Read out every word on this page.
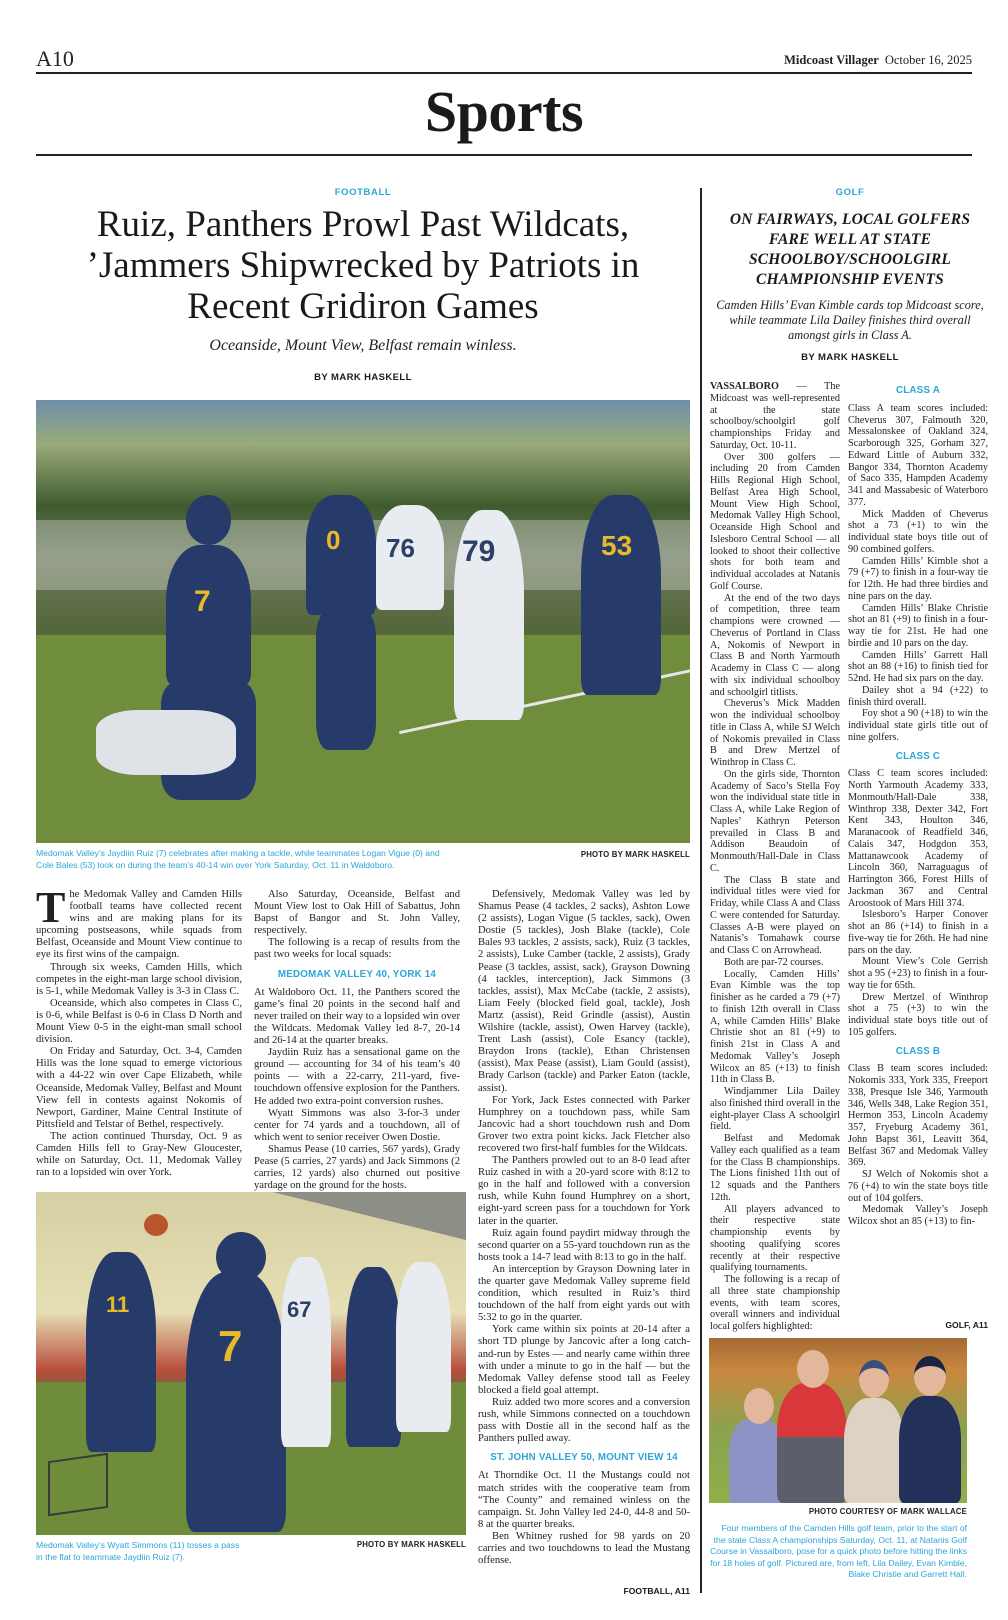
A10	Midcoast Villager October 16, 2025
Sports
FOOTBALL
Ruiz, Panthers Prowl Past Wildcats, ’Jammers Shipwrecked by Patriots in Recent Gridiron Games
Oceanside, Mount View, Belfast remain winless.
BY MARK HASKELL
GOLF
ON FAIRWAYS, LOCAL GOLFERS FARE WELL AT STATE SCHOOLBOY/SCHOOLGIRL CHAMPIONSHIP EVENTS
Camden Hills’ Evan Kimble cards top Midcoast score, while teammate Lila Dailey finishes third overall amongst girls in Class A.
BY MARK HASKELL
7
0 76 79	53
Medomak Valley’s Jaydiin Ruiz (7) celebrates after making a tackle, while teammates Logan Vigue (0) and Cole Bales (53) look on during the team’s 40-14 win over York Saturday, Oct. 11 in Waldoboro.
PHOTO BY MARK HASKELL

The Medomak Valley and Camden Hills football teams have collected recent wins and are making plans for its upcoming postseasons, while squads from Belfast, Oceanside and Mount View continue to eye its first wins of the campaign.

Through six weeks, Camden Hills, which competes in the eight-man large school division, is 5-1, while Medomak Valley is 3-3 in Class C.

Oceanside, which also competes in Class C, is 0-6, while Belfast is 0-6 in Class D North and Mount View 0-5 in the eight-man small school division.

On Friday and Saturday, Oct. 3-4, Camden Hills was the lone squad to emerge victorious with a 44-22 win over Cape Elizabeth, while Oceanside, Medomak Valley, Belfast and Mount View fell in contests against Nokomis of Newport, Gardiner, Maine Central Institute of Pittsfield and Telstar of Bethel, respectively.

The action continued Thursday, Oct. 9 as Camden Hills fell to Gray-New Gloucester, while on Saturday, Oct. 11, Medomak Valley ran to a lopsided win over York.

Also Saturday, Oceanside, Belfast and Mount View lost to Oak Hill of Sabattus, John Bapst of Bangor and St. John Valley, respectively.

The following is a recap of results from the past two weeks for local squads:

MEDOMAK VALLEY 40, YORK 14

At Waldoboro Oct. 11, the Panthers scored the game’s final 20 points in the second half and never trailed on their way to a lopsided win over the Wildcats. Medomak Valley led 8-7, 20-14 and 26-14 at the quarter breaks.

Jaydiin Ruiz has a sensational game on the ground — accounting for 34 of his team’s 40 points — with a 22-carry, 211-yard, five-touchdown offensive explosion for the Panthers. He added two extra-point conversion rushes.

Wyatt Simmons was also 3-for-3 under center for 74 yards and a touchdown, all of which went to senior receiver Owen Dostie.

Shamus Pease (10 carries, 567 yards), Grady Pease (5 carries, 27 yards) and Jack Simmons (2 carries, 12 yards) also churned out positive yardage on the ground for the hosts.

Defensively, Medomak Valley was led by Shamus Pease (4 tackles, 2 sacks), Ashton Lowe (2 assists), Logan Vigue (5 tackles, sack), Owen Dostie (5 tackles), Josh Blake (tackle), Cole Bales 93 tackles, 2 assists, sack), Ruiz (3 tackles, 2 assists), Luke Camber (tackle, 2 assists), Grady Pease (3 tackles, assist, sack), Grayson Downing (4 tackles, interception), Jack Simmons (3 tackles, assist), Max McCabe (tackle, 2 assists), Liam Feely (blocked field goal, tackle), Josh Martz (assist), Reid Grindle (assist), Austin Wilshire (tackle, assist), Owen Harvey (tackle), Trent Lash (assist), Cole Esancy (tackle), Braydon Irons (tackle), Ethan Christensen (assist), Max Pease (assist), Liam Gould (assist), Brady Carlson (tackle) and Parker Eaton (tackle, assist).

For York, Jack Estes connected with Parker Humphrey on a touchdown pass, while Sam Jancovic had a short touchdown rush and Dom Grover two extra point kicks. Jack Fletcher also recovered two first-half fumbles for the Wildcats.

The Panthers prowled out to an 8-0 lead after Ruiz cashed in with a 20-yard score with 8:12 to go in the half and followed with a conversion rush, while Kuhn found Humphrey on a short, eight-yard screen pass for a touchdown for York later in the quarter.

Ruiz again found paydirt midway through the second quarter on a 55-yard touchdown run as the hosts took a 14-7 lead with 8:13 to go in the half.

An interception by Grayson Downing later in the quarter gave Medomak Valley supreme field condition, which resulted in Ruiz’s third touchdown of the half from eight yards out with 5:32 to go in the quarter.

York came within six points at 20-14 after a short TD plunge by Jancovic after a long catch-and-run by Estes — and nearly came within three with under a minute to go in the half — but the Medomak Valley defense stood tall as Feeley blocked a field goal attempt.

Ruiz added two more scores and a conversion rush, while Simmons connected on a touchdown pass with Dostie all in the second half as the Panthers pulled away.

ST. JOHN VALLEY 50, MOUNT VIEW 14

At Thorndike Oct. 11 the Mustangs could not match strides with the cooperative team from “The County” and remained winless on the campaign. St. John Valley led 24-0, 44-8 and 50-8 at the quarter breaks.

Ben Whitney rushed for 98 yards on 20 carries and two touchdowns to lead the Mustang offense.

FOOTBALL, A11
11
7
67
Medomak Valley’s Wyatt Simmons (11) tosses a pass in the flat to teammate Jaydiin Ruiz (7).
PHOTO BY MARK HASKELL

VASSALBORO — The Midcoast was well-represented at the state schoolboy/schoolgirl golf championships Friday and Saturday, Oct. 10-11.

Over 300 golfers — including 20 from Camden Hills Regional High School, Belfast Area High School, Mount View High School, Medomak Valley High School, Oceanside High School and Islesboro Central School — all looked to shoot their collective shots for both team and individual accolades at Natanis Golf Course.

At the end of the two days of competition, three team champions were crowned — Cheverus of Portland in Class A, Nokomis of Newport in Class B and North Yarmouth Academy in Class C — along with six individual schoolboy and schoolgirl titlists.

Cheverus’s Mick Madden won the individual schoolboy title in Class A, while SJ Welch of Nokomis prevailed in Class B and Drew Mertzel of Winthrop in Class C.

On the girls side, Thornton Academy of Saco’s Stella Foy won the individual state title in Class A, while Lake Region of Naples’ Kathryn Peterson prevailed in Class B and Addison Beaudoin of Monmouth/Hall-Dale in Class C.

The Class B state and individual titles were vied for Friday, while Class A and Class C were contended for Saturday. Classes A-B were played on Natanis’s Tomahawk course and Class C on Arrowhead.

Both are par-72 courses.

Locally, Camden Hills’ Evan Kimble was the top finisher as he carded a 79 (+7) to finish 12th overall in Class A, while Camden Hills’ Blake Christie shot an 81 (+9) to finish 21st in Class A and Medomak Valley’s Joseph Wilcox an 85 (+13) to finish 11th in Class B.

Windjammer Lila Dailey also finished third overall in the eight-player Class A schoolgirl field.

Belfast and Medomak Valley each qualified as a team for the Class B championships. The Lions finished 11th out of 12 squads and the Panthers 12th.

All players advanced to their respective state championship events by shooting qualifying scores recently at their respective qualifying tournaments.

The following is a recap of all three state championship events, with team scores, overall winners and individual local golfers highlighted:

CLASS A

Class A team scores included: Cheverus 307, Falmouth 320, Messalonskee of Oakland 324, Scarborough 325, Gorham 327, Edward Little of Auburn 332, Bangor 334, Thornton Academy of Saco 335, Hampden Academy 341 and Massabesic of Waterboro 377.

Mick Madden of Cheverus shot a 73 (+1) to win the individual state boys title out of 90 combined golfers.

Camden Hills’ Kimble shot a 79 (+7) to finish in a four-way tie for 12th. He had three birdies and nine pars on the day.

Camden Hills’ Blake Christie shot an 81 (+9) to finish in a four-way tie for 21st. He had one birdie and 10 pars on the day.

Camden Hills’ Garrett Hall shot an 88 (+16) to finish tied for 52nd. He had six pars on the day.

Dailey shot a 94 (+22) to finish third overall.

Foy shot a 90 (+18) to win the individual state girls title out of nine golfers.

CLASS C

Class C team scores included: North Yarmouth Academy 333, Monmouth/Hall-Dale 338, Winthrop 338, Dexter 342, Fort Kent 343, Houlton 346, Maranacook of Readfield 346, Calais 347, Hodgdon 353, Mattanawcook Academy of Lincoln 360, Narraguagus of Harrington 366, Forest Hills of Jackman 367 and Central Aroostook of Mars Hill 374.

Islesboro’s Harper Conover shot an 86 (+14) to finish in a five-way tie for 26th. He had nine pars on the day.

Mount View’s Cole Gerrish shot a 95 (+23) to finish in a four-way tie for 65th.

Drew Mertzel of Winthrop shot a 75 (+3) to win the individual state boys title out of 105 golfers.

CLASS B

Class B team scores included: Nokomis 333, York 335, Freeport 338, Presque Isle 346, Yarmouth 346, Wells 348, Lake Region 351, Hermon 353, Lincoln Academy 357, Fryeburg Academy 361, John Bapst 361, Leavitt 364, Belfast 367 and Medomak Valley 369.

SJ Welch of Nokomis shot a 76 (+4) to win the state boys title out of 104 golfers.

Medomak Valley’s Joseph Wilcox shot an 85 (+13) to fin-

GOLF, A11
PHOTO COURTESY OF MARK WALLACE
Four members of the Camden Hills golf team, prior to the start of the state Class A championships Saturday, Oct. 11, at Natanis Golf Course in Vassalboro, pose for a quick photo before hitting the links for 18 holes of golf. Pictured are, from left, Lila Dailey, Evan Kimble, Blake Christie and Garrett Hall.
